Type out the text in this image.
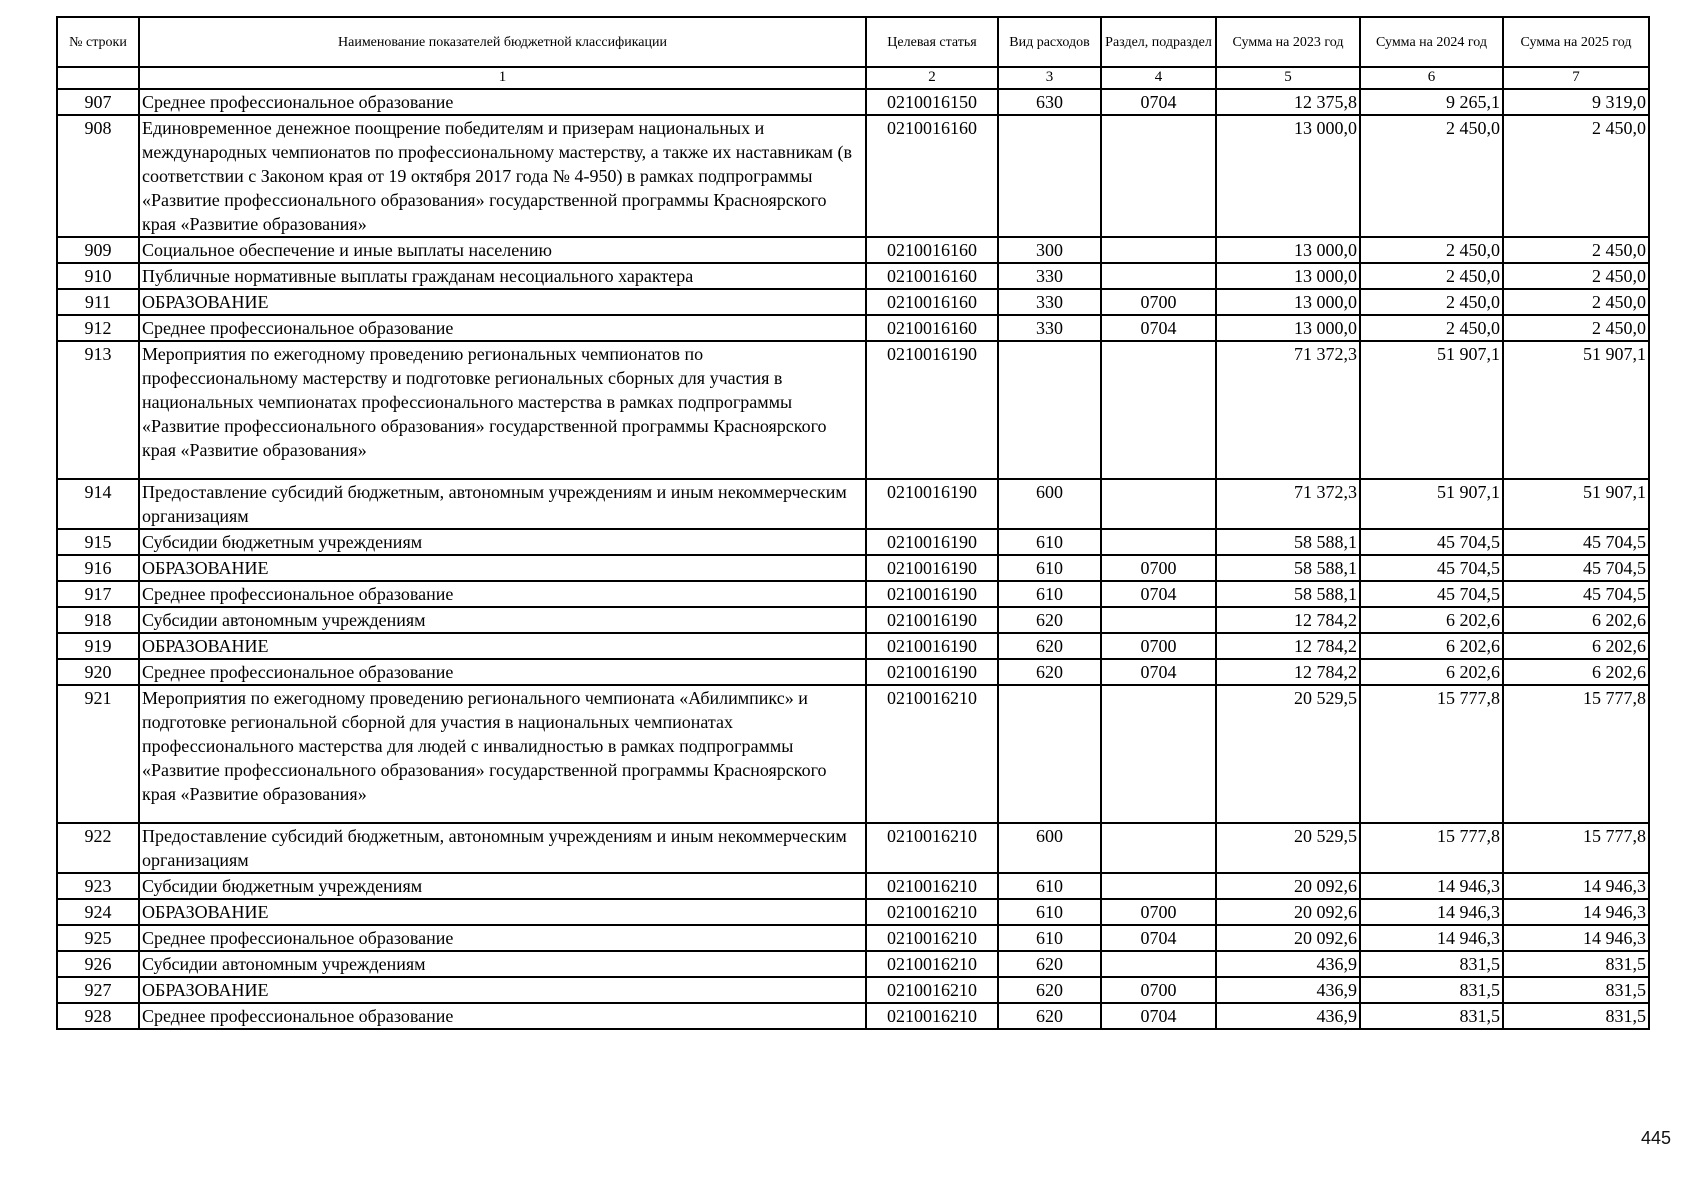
№ строки	Наименование показателей бюджетной классификации	Целевая статья	Вид расходов	Раздел, подраздел	Сумма на 2023 год	Сумма на 2024 год	Сумма на 2025 год
	1	2	3	4	5	6	7
907	Среднее профессиональное образование	0210016150	630	0704	12 375,8	9 265,1	9 319,0
908	Единовременное денежное поощрение победителям и призерам национальных и международных чемпионатов по профессиональному мастерству, а также их наставникам (в соответствии с Законом края от 19 октября 2017 года № 4-950) в рамках подпрограммы «Развитие профессионального образования» государственной программы Красноярского края «Развитие образования»	0210016160			13 000,0	2 450,0	2 450,0
909	Социальное обеспечение и иные выплаты населению	0210016160	300		13 000,0	2 450,0	2 450,0
910	Публичные нормативные выплаты гражданам несоциального характера	0210016160	330		13 000,0	2 450,0	2 450,0
911	ОБРАЗОВАНИЕ	0210016160	330	0700	13 000,0	2 450,0	2 450,0
912	Среднее профессиональное образование	0210016160	330	0704	13 000,0	2 450,0	2 450,0
913	Мероприятия по ежегодному проведению региональных чемпионатов по профессиональному мастерству и подготовке региональных сборных для участия в национальных чемпионатах профессионального мастерства в рамках подпрограммы «Развитие профессионального образования» государственной программы Красноярского края «Развитие образования»	0210016190			71 372,3	51 907,1	51 907,1
914	Предоставление субсидий бюджетным, автономным учреждениям и иным некоммерческим организациям	0210016190	600		71 372,3	51 907,1	51 907,1
915	Субсидии бюджетным учреждениям	0210016190	610		58 588,1	45 704,5	45 704,5
916	ОБРАЗОВАНИЕ	0210016190	610	0700	58 588,1	45 704,5	45 704,5
917	Среднее профессиональное образование	0210016190	610	0704	58 588,1	45 704,5	45 704,5
918	Субсидии автономным учреждениям	0210016190	620		12 784,2	6 202,6	6 202,6
919	ОБРАЗОВАНИЕ	0210016190	620	0700	12 784,2	6 202,6	6 202,6
920	Среднее профессиональное образование	0210016190	620	0704	12 784,2	6 202,6	6 202,6
921	Мероприятия по ежегодному проведению регионального чемпионата «Абилимпикс» и подготовке региональной сборной для участия в национальных чемпионатах профессионального мастерства для людей с инвалидностью в рамках подпрограммы «Развитие профессионального образования» государственной программы Красноярского края «Развитие образования»	0210016210			20 529,5	15 777,8	15 777,8
922	Предоставление субсидий бюджетным, автономным учреждениям и иным некоммерческим организациям	0210016210	600		20 529,5	15 777,8	15 777,8
923	Субсидии бюджетным учреждениям	0210016210	610		20 092,6	14 946,3	14 946,3
924	ОБРАЗОВАНИЕ	0210016210	610	0700	20 092,6	14 946,3	14 946,3
925	Среднее профессиональное образование	0210016210	610	0704	20 092,6	14 946,3	14 946,3
926	Субсидии автономным учреждениям	0210016210	620		436,9	831,5	831,5
927	ОБРАЗОВАНИЕ	0210016210	620	0700	436,9	831,5	831,5
928	Среднее профессиональное образование	0210016210	620	0704	436,9	831,5	831,5
445
